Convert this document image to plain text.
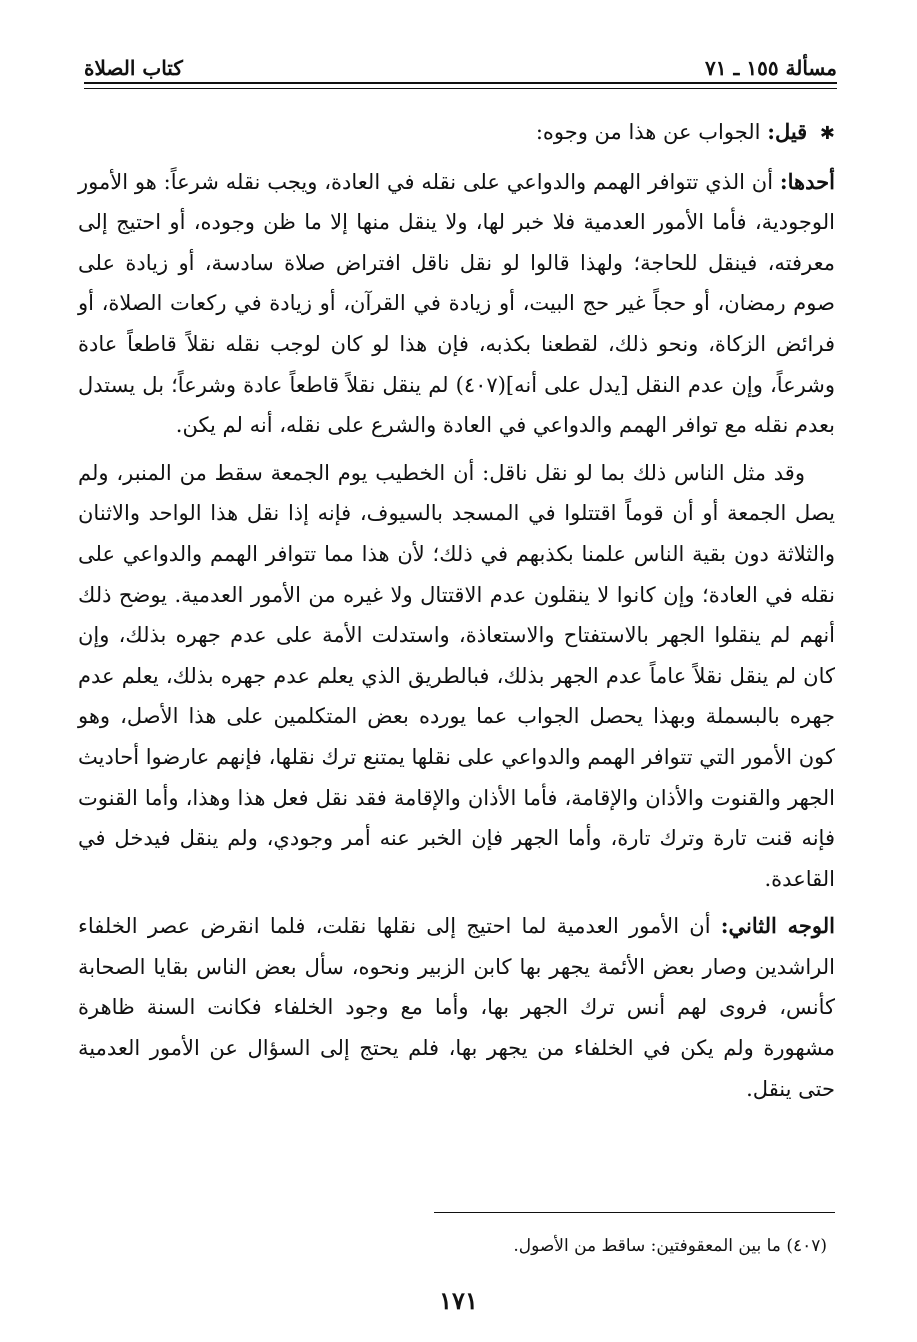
مسألة ١٥٥ ـ ٧١
كتاب الصلاة

✱ قيل: الجواب عن هذا من وجوه:

أحدها: أن الذي تتوافر الهمم والدواعي على نقله في العادة، ويجب نقله شرعاً: هو الأمور الوجودية، فأما الأمور العدمية فلا خبر لها، ولا ينقل منها إلا ما ظن وجوده، أو احتيج إلى معرفته، فينقل للحاجة؛ ولهذا قالوا لو نقل ناقل افتراض صلاة سادسة، أو زيادة على صوم رمضان، أو حجاً غير حج البيت، أو زيادة في القرآن، أو زيادة في ركعات الصلاة، أو فرائض الزكاة، ونحو ذلك، لقطعنا بكذبه، فإن هذا لو كان لوجب نقله نقلاً قاطعاً عادة وشرعاً، وإن عدم النقل [يدل على أنه](٤٠٧) لم ينقل نقلاً قاطعاً عادة وشرعاً؛ بل يستدل بعدم نقله مع توافر الهمم والدواعي في العادة والشرع على نقله، أنه لم يكن.

وقد مثل الناس ذلك بما لو نقل ناقل: أن الخطيب يوم الجمعة سقط من المنبر، ولم يصل الجمعة أو أن قوماً اقتتلوا في المسجد بالسيوف، فإنه إذا نقل هذا الواحد والاثنان والثلاثة دون بقية الناس علمنا بكذبهم في ذلك؛ لأن هذا مما تتوافر الهمم والدواعي على نقله في العادة؛ وإن كانوا لا ينقلون عدم الاقتتال ولا غيره من الأمور العدمية. يوضح ذلك أنهم لم ينقلوا الجهر بالاستفتاح والاستعاذة، واستدلت الأمة على عدم جهره بذلك، وإن كان لم ينقل نقلاً عاماً عدم الجهر بذلك، فبالطريق الذي يعلم عدم جهره بذلك، يعلم عدم جهره بالبسملة وبهذا يحصل الجواب عما يورده بعض المتكلمين على هذا الأصل، وهو كون الأمور التي تتوافر الهمم والدواعي على نقلها يمتنع ترك نقلها، فإنهم عارضوا أحاديث الجهر والقنوت والأذان والإقامة، فأما الأذان والإقامة فقد نقل فعل هذا وهذا، وأما القنوت فإنه قنت تارة وترك تارة، وأما الجهر فإن الخبر عنه أمر وجودي، ولم ينقل فيدخل في القاعدة.

الوجه الثاني: أن الأمور العدمية لما احتيج إلى نقلها نقلت، فلما انقرض عصر الخلفاء الراشدين وصار بعض الأئمة يجهر بها كابن الزبير ونحوه، سأل بعض الناس بقايا الصحابة كأنس، فروى لهم أنس ترك الجهر بها، وأما مع وجود الخلفاء فكانت السنة ظاهرة مشهورة ولم يكن في الخلفاء من يجهر بها، فلم يحتج إلى السؤال عن الأمور العدمية حتى ينقل.

(٤٠٧) ما بين المعقوفتين: ساقط من الأصول.
١٧١
